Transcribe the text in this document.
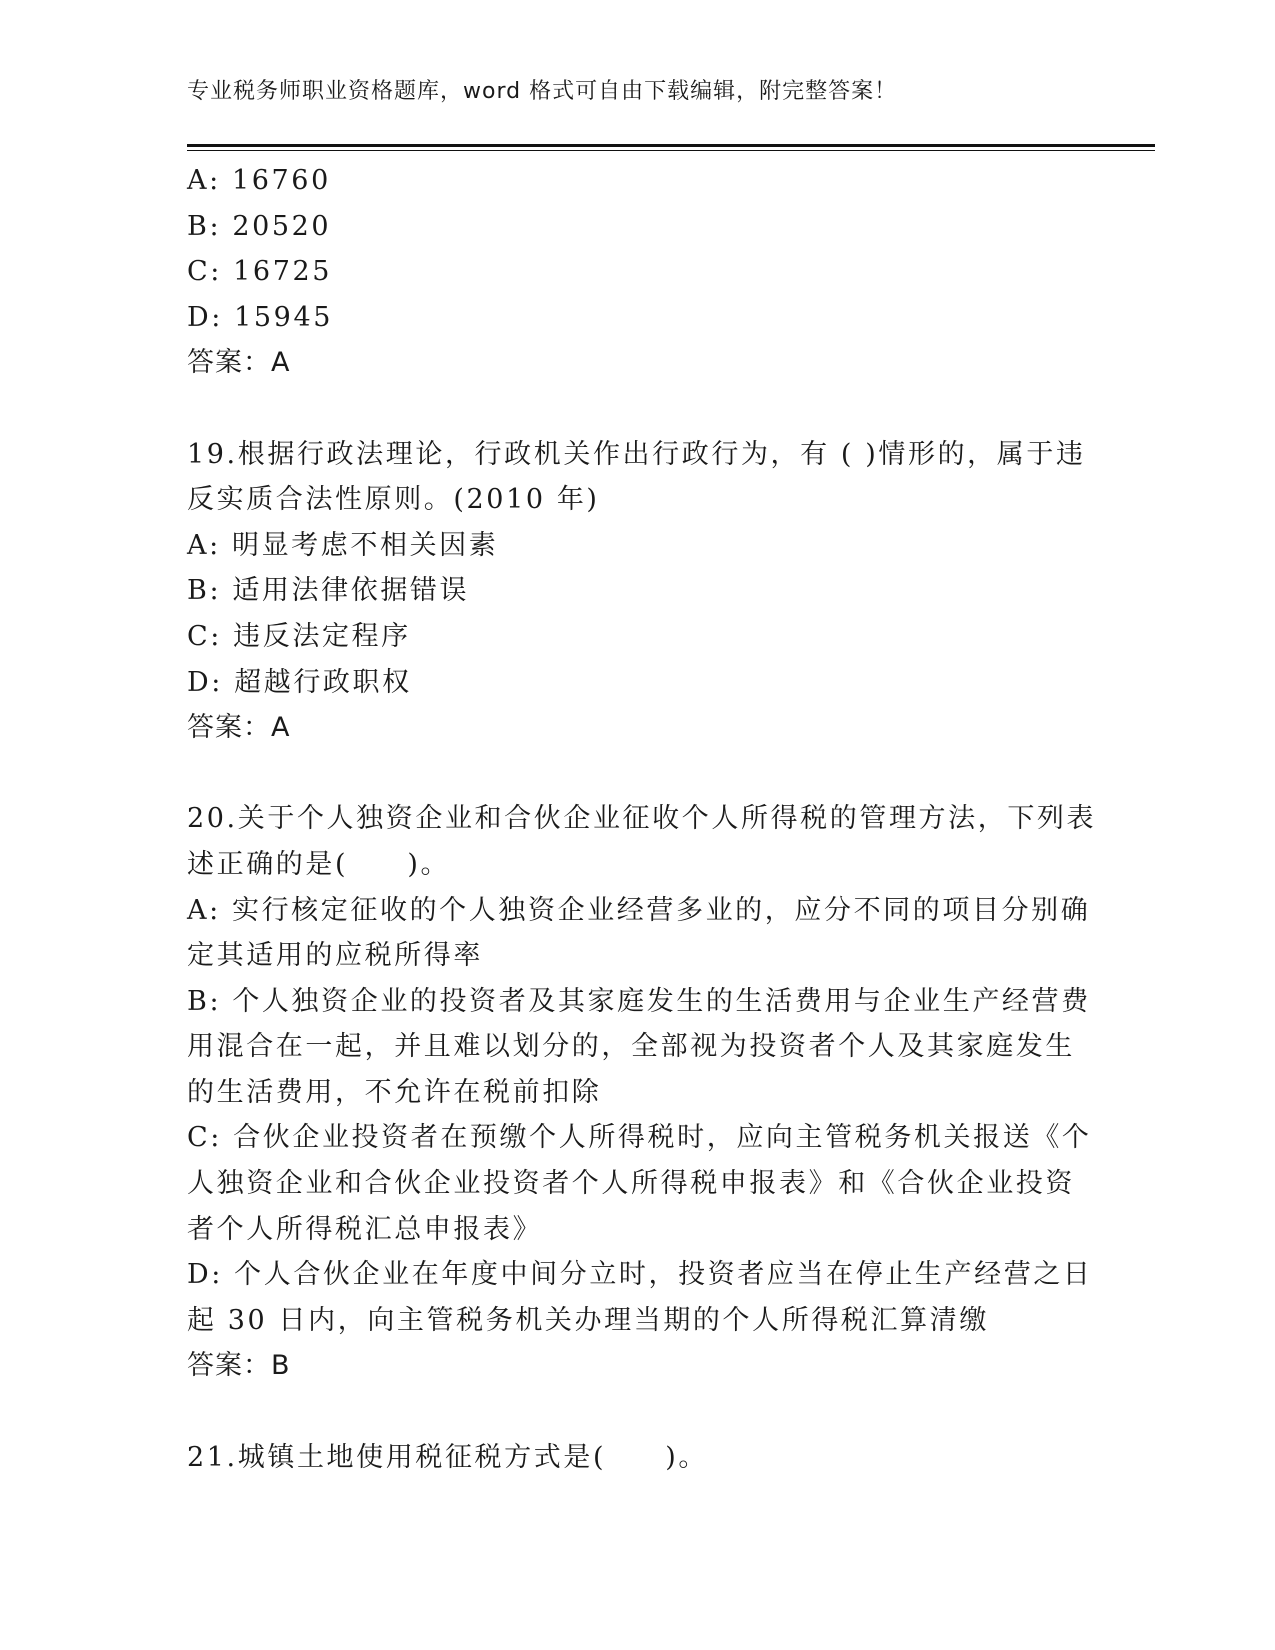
专业税务师职业资格题库，word 格式可自由下载编辑，附完整答案！
A: 16760
B: 20520
C: 16725
D: 15945
答案：A
19.根据行政法理论，行政机关作出行政行为，有 ( )情形的，属于违
反实质合法性原则。(2010 年)
A: 明显考虑不相关因素
B: 适用法律依据错误
C: 违反法定程序
D: 超越行政职权
答案：A
20.关于个人独资企业和合伙企业征收个人所得税的管理方法，下列表
述正确的是(　　)。
A: 实行核定征收的个人独资企业经营多业的，应分不同的项目分别确
定其适用的应税所得率
B: 个人独资企业的投资者及其家庭发生的生活费用与企业生产经营费
用混合在一起，并且难以划分的，全部视为投资者个人及其家庭发生
的生活费用，不允许在税前扣除
C: 合伙企业投资者在预缴个人所得税时，应向主管税务机关报送《个
人独资企业和合伙企业投资者个人所得税申报表》和《合伙企业投资
者个人所得税汇总申报表》
D: 个人合伙企业在年度中间分立时，投资者应当在停止生产经营之日
起 30 日内，向主管税务机关办理当期的个人所得税汇算清缴
答案：B
21.城镇土地使用税征税方式是(　　)。
